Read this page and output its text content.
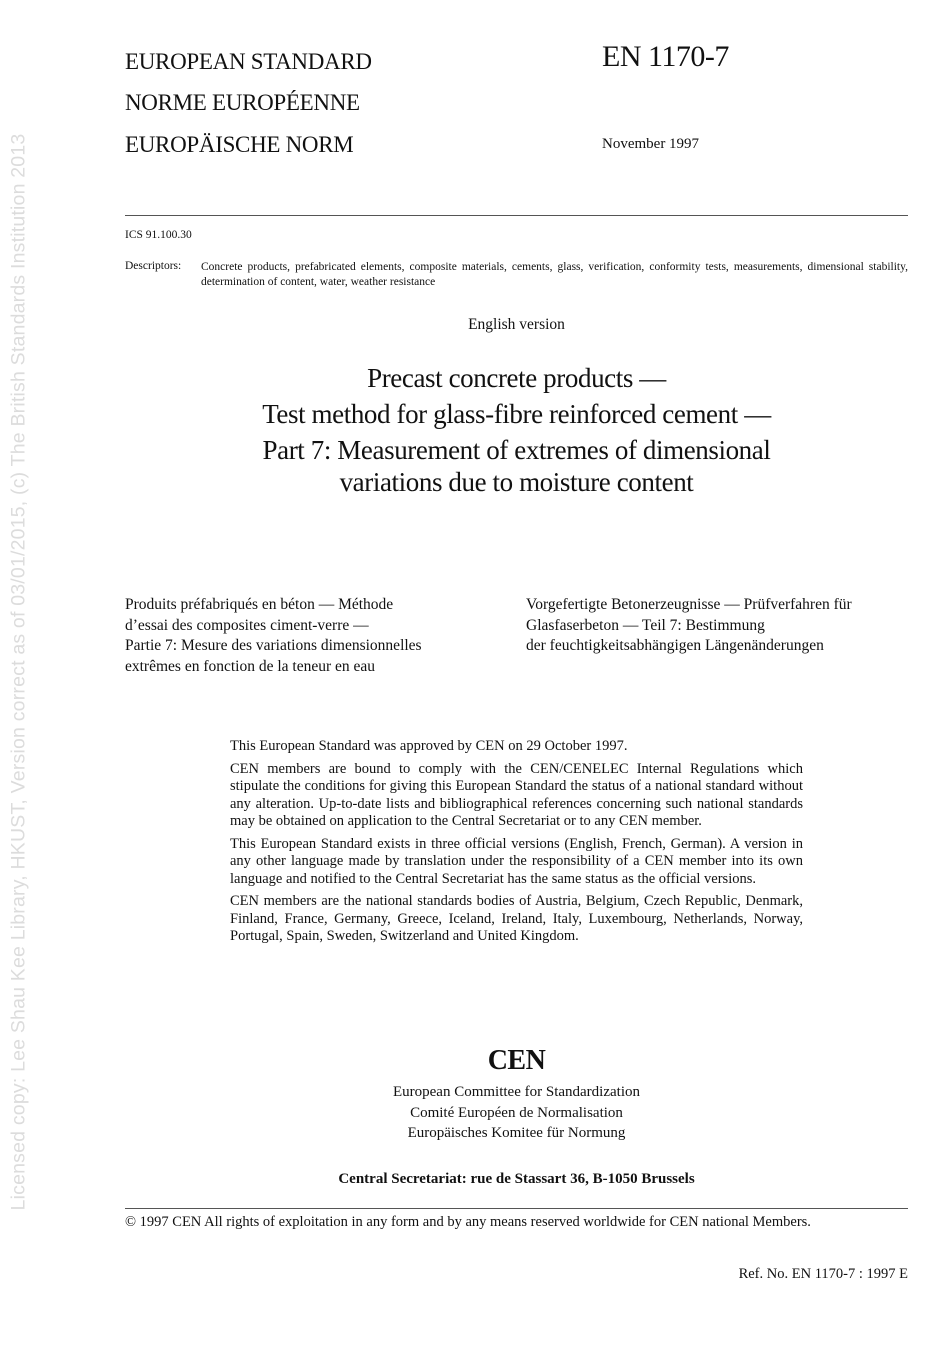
Licensed copy: Lee Shau Kee Library, HKUST, Version correct as of 03/01/2015, (c) The British Standards Institution 2013
EUROPEAN STANDARD
NORME EUROPÉENNE
EUROPÄISCHE NORM
EN 1170-7
November 1997
ICS 91.100.30
Descriptors:	Concrete products, prefabricated elements, composite materials, cements, glass, verification, conformity tests, measurements, dimensional stability, determination of content, water, weather resistance
English version
Precast concrete products —
Test method for glass-fibre reinforced cement —
Part 7: Measurement of extremes of dimensional
variations due to moisture content
Produits préfabriqués en béton — Méthode
d’essai des composites ciment-verre —
Partie 7: Mesure des variations dimensionnelles
extrêmes en fonction de la teneur en eau
Vorgefertigte Betonerzeugnisse — Prüfverfahren für
Glasfaserbeton — Teil 7: Bestimmung
der feuchtigkeitsabhängigen Längenänderungen

This European Standard was approved by CEN on 29 October 1997.

CEN members are bound to comply with the CEN/CENELEC Internal Regulations which stipulate the conditions for giving this European Standard the status of a national standard without any alteration. Up-to-date lists and bibliographical references concerning such national standards may be obtained on application to the Central Secretariat or to any CEN member.

This European Standard exists in three official versions (English, French, German). A version in any other language made by translation under the responsibility of a CEN member into its own language and notified to the Central Secretariat has the same status as the official versions.

CEN members are the national standards bodies of Austria, Belgium, Czech Republic, Denmark, Finland, France, Germany, Greece, Iceland, Ireland, Italy, Luxembourg, Netherlands, Norway, Portugal, Spain, Sweden, Switzerland and United Kingdom.

CEN
European Committee for Standardization
Comité Européen de Normalisation
Europäisches Komitee für Normung
Central Secretariat: rue de Stassart 36, B-1050 Brussels
© 1997 CEN All rights of exploitation in any form and by any means reserved worldwide for CEN national Members.
Ref. No. EN 1170-7 : 1997 E
